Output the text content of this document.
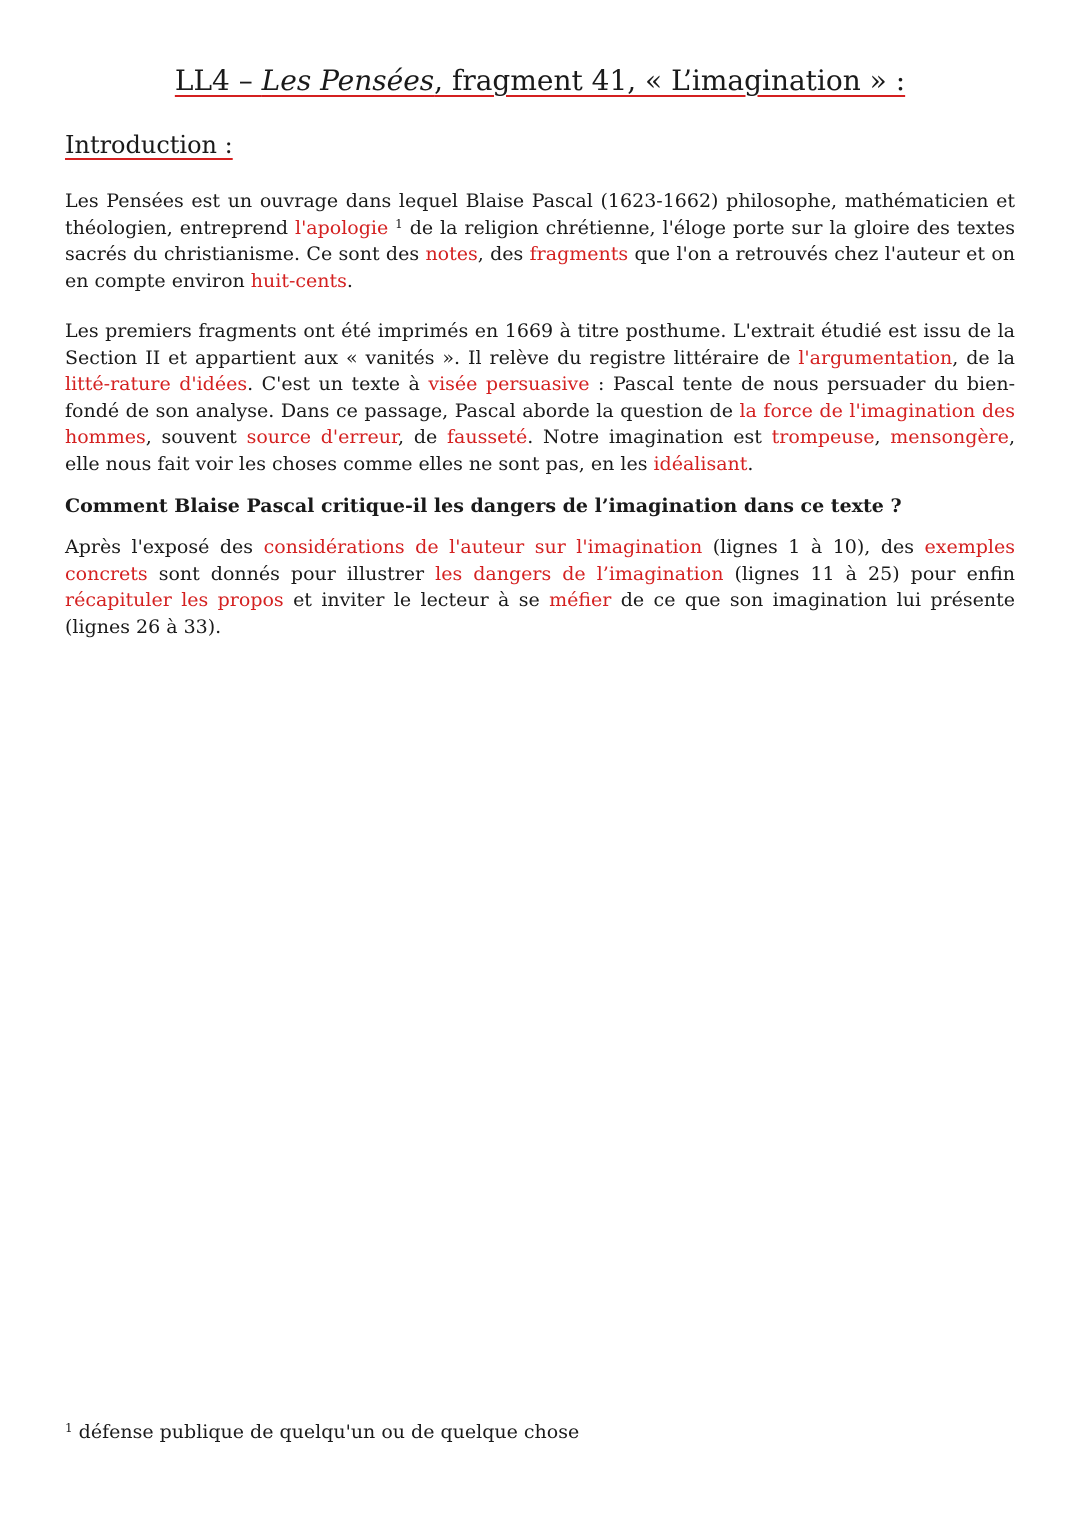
LL4 – Les Pensées, fragment 41, « L’imagination » :
Introduction :

Les Pensées est un ouvrage dans lequel Blaise Pascal (1623-1662) philosophe, mathématicien et théologien, entreprend l'apologie $^1$ de la religion chrétienne, l'éloge porte sur la gloire des textes sacrés du christianisme. Ce sont des notes, des fragments que l'on a retrouvés chez l'auteur et on en compte environ huit-cents.

Les premiers fragments ont été imprimés en 1669 à titre posthume. L'extrait étudié est issu de la Section II et appartient aux « vanités ». Il relève du registre littéraire de l'argumentation, de la litté-rature d'idées. C'est un texte à visée persuasive : Pascal tente de nous persuader du bien-fondé de son analyse. Dans ce passage, Pascal aborde la question de la force de l'imagination des hommes, souvent source d'erreur, de fausseté. Notre imagination est trompeuse, mensongère, elle nous fait voir les choses comme elles ne sont pas, en les idéalisant.

Comment Blaise Pascal critique-il les dangers de l’imagination dans ce texte ?

Après l'exposé des considérations de l'auteur sur l'imagination (lignes 1 à 10), des exemples concrets sont donnés pour illustrer les dangers de l’imagination (lignes 11 à 25) pour enfin récapituler les propos et inviter le lecteur à se méfier de ce que son imagination lui présente (lignes 26 à 33).

$^1$ défense publique de quelqu'un ou de quelque chose
